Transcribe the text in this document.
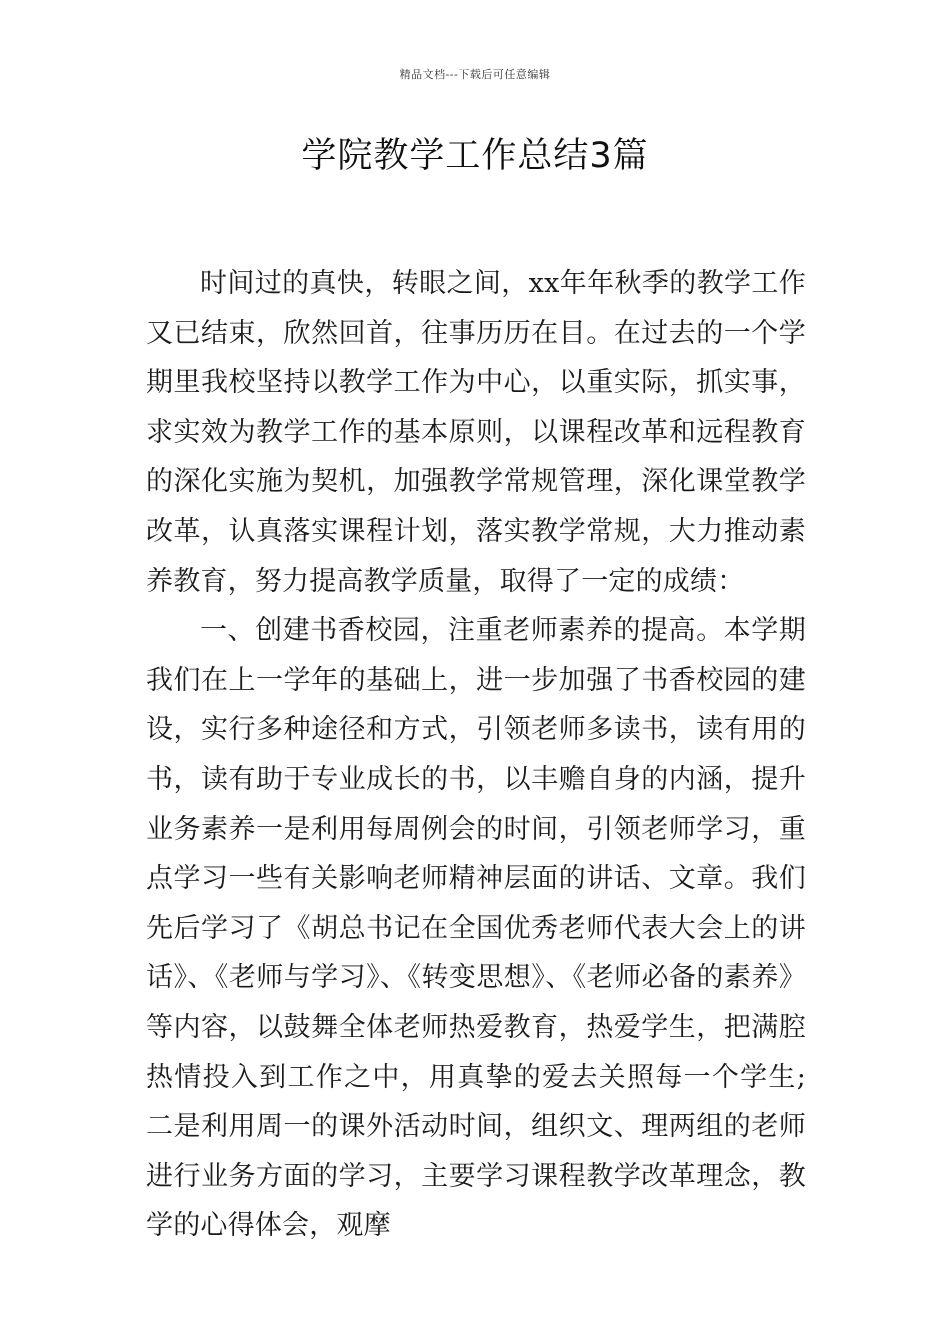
精品文档---下载后可任意编辑
学院教学工作总结3篇

时间过的真快，转眼之间，xx年年秋季的教学工作又已结束，欣然回首，往事历历在目。在过去的一个学期里我校坚持以教学工作为中心，以重实际，抓实事，求实效为教学工作的基本原则，以课程改革和远程教育的深化实施为契机，加强教学常规管理，深化课堂教学改革，认真落实课程计划，落实教学常规，大力推动素养教育，努力提高教学质量，取得了一定的成绩：

一、创建书香校园，注重老师素养的提高。本学期我们在上一学年的基础上，进一步加强了书香校园的建设，实行多种途径和方式，引领老师多读书，读有用的书，读有助于专业成长的书，以丰赡自身的内涵，提升业务素养一是利用每周例会的时间，引领老师学习，重点学习一些有关影响老师精神层面的讲话、文章。我们先后学习了《胡总书记在全国优秀老师代表大会上的讲话》、《老师与学习》、《转变思想》、《老师必备的素养》等内容，以鼓舞全体老师热爱教育，热爱学生，把满腔热情投入到工作之中，用真挚的爱去关照每一个学生;二是利用周一的课外活动时间，组织文、理两组的老师进行业务方面的学习，主要学习课程教学改革理念，教学的心得体会，观摩
